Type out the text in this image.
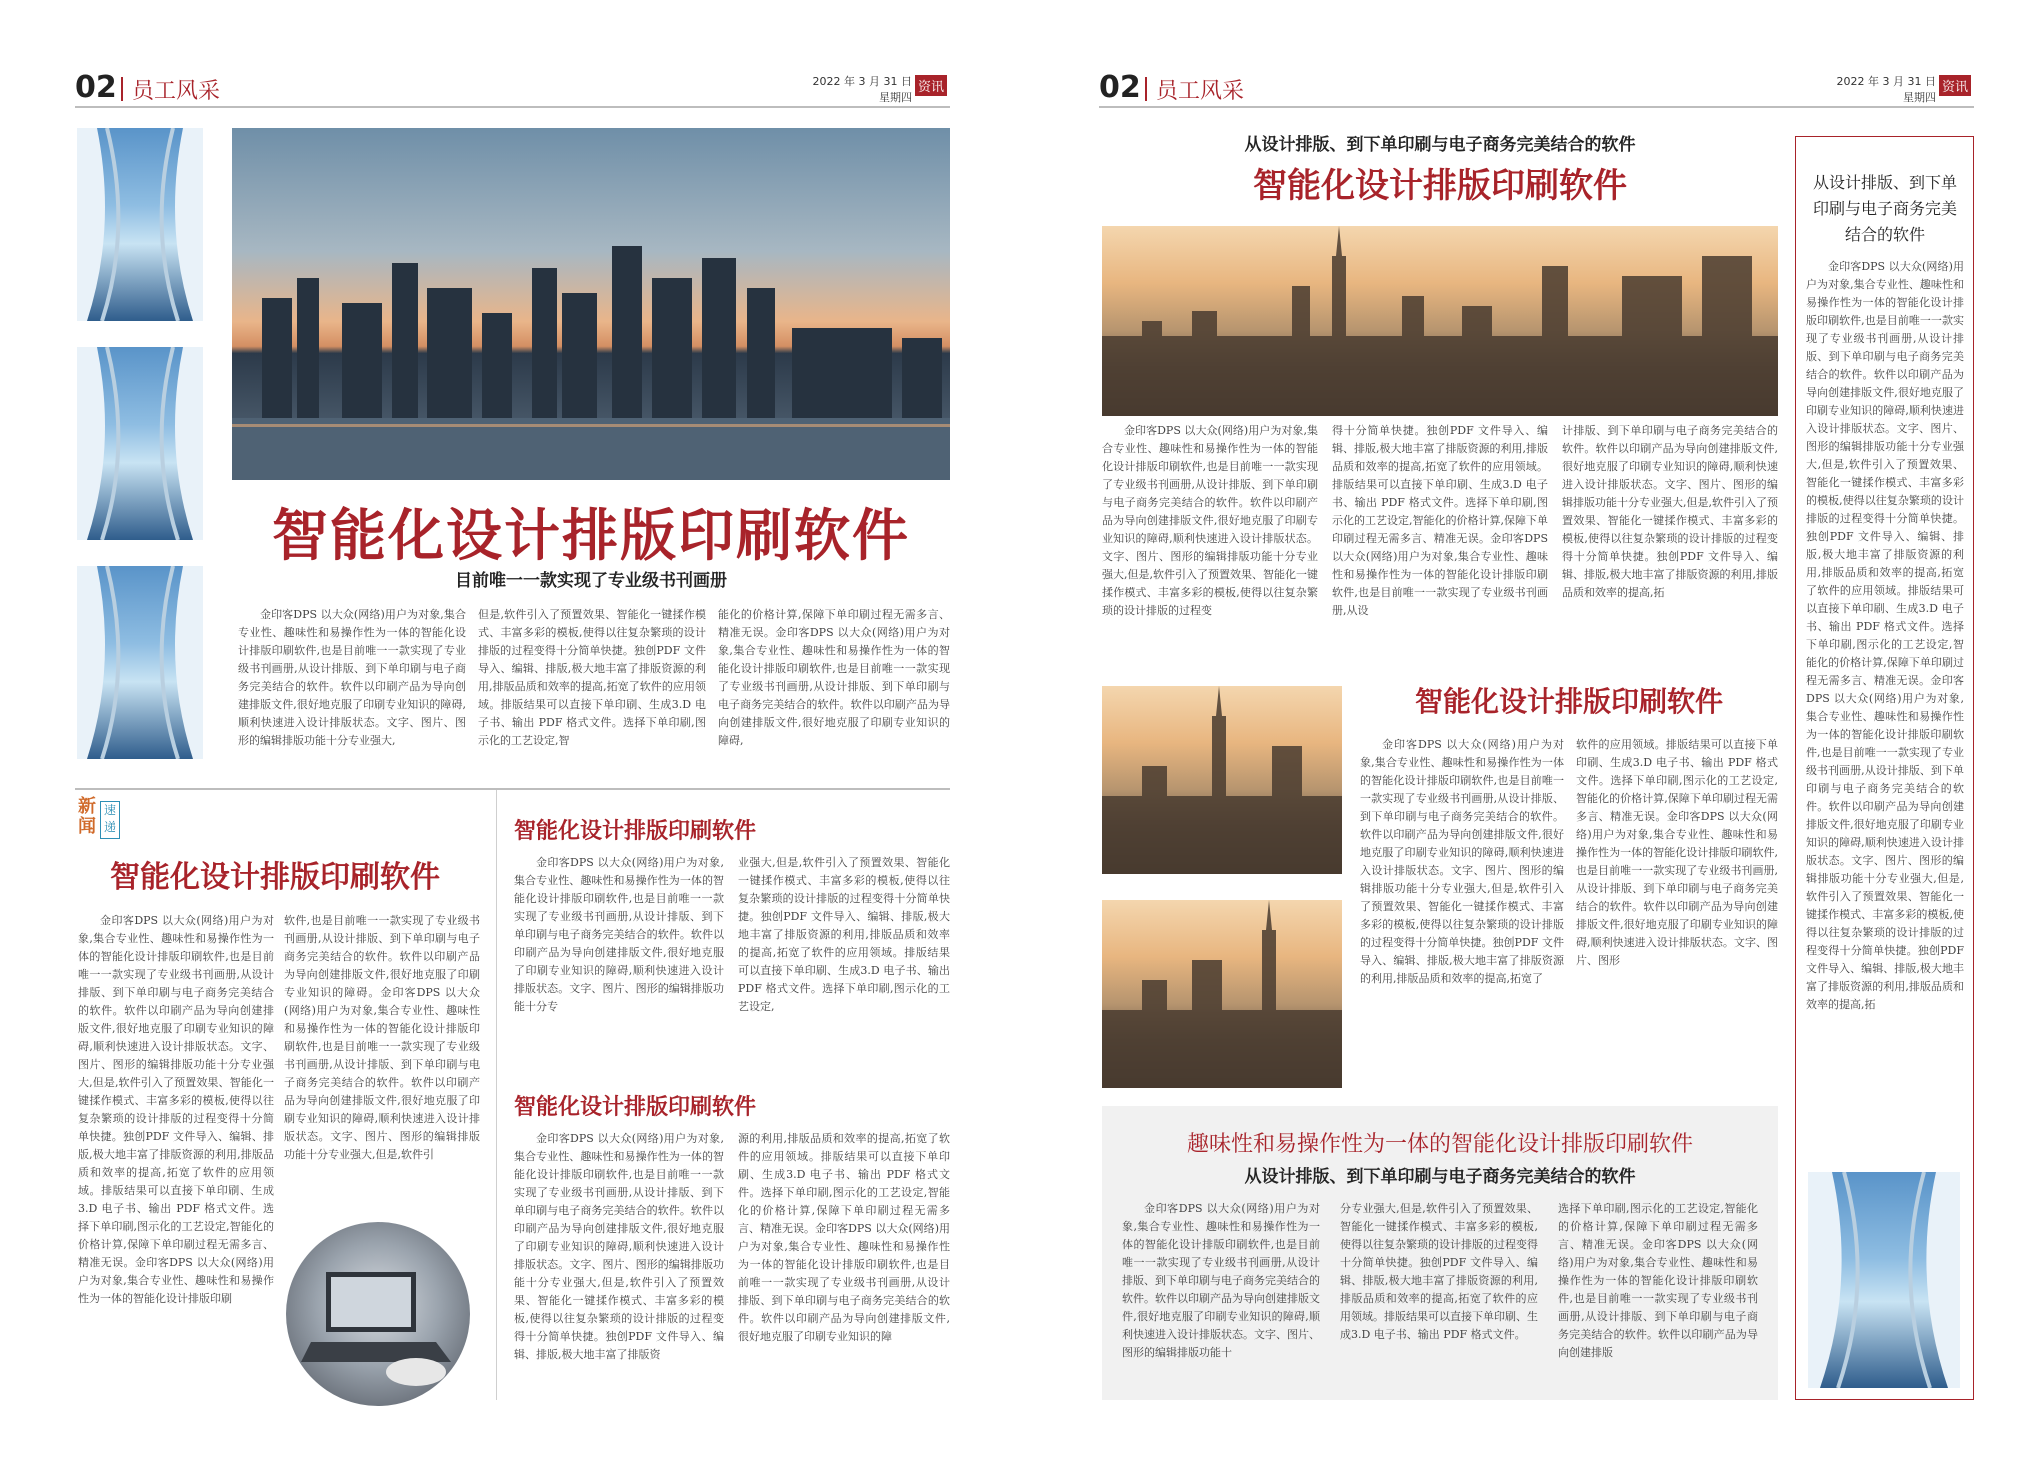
02 员工风采	2022 年 3 月 31 日
星期四
资讯
智能化设计排版印刷软件
目前唯一一款实现了专业级书刊画册
金印客DPS 以大众(网络)用户为对象,集合专业性、趣味性和易操作性为一体的智能化设计排版印刷软件,也是目前唯一一款实现了专业级书刊画册,从设计排版、到下单印刷与电子商务完美结合的软件。软件以印刷产品为导向创建排版文件,很好地克服了印刷专业知识的障碍,顺利快速进入设计排版状态。文字、图片、图形的编辑排版功能十分专业强大,
但是,软件引入了预置效果、智能化一键揉作模式、丰富多彩的模板,使得以往复杂繁琐的设计排版的过程变得十分简单快捷。独创PDF 文件导入、编辑、排版,极大地丰富了排版资源的利用,排版品质和效率的提高,拓宽了软件的应用领域。排版结果可以直接下单印刷、生成3.D 电子书、输出 PDF 格式文件。选择下单印刷,图示化的工艺设定,智
能化的价格计算,保障下单印刷过程无需多言、精准无误。金印客DPS 以大众(网络)用户为对象,集合专业性、趣味性和易操作性为一体的智能化设计排版印刷软件,也是目前唯一一款实现了专业级书刊画册,从设计排版、到下单印刷与电子商务完美结合的软件。软件以印刷产品为导向创建排版文件,很好地克服了印刷专业知识的障碍,
新
闻
速
递
智能化设计排版印刷软件
金印客DPS 以大众(网络)用户为对象,集合专业性、趣味性和易操作性为一体的智能化设计排版印刷软件,也是目前唯一一款实现了专业级书刊画册,从设计排版、到下单印刷与电子商务完美结合的软件。软件以印刷产品为导向创建排版文件,很好地克服了印刷专业知识的障碍,顺利快速进入设计排版状态。文字、图片、图形的编辑排版功能十分专业强大,但是,软件引入了预置效果、智能化一键揉作模式、丰富多彩的模板,使得以往复杂繁琐的设计排版的过程变得十分简单快捷。独创PDF 文件导入、编辑、排版,极大地丰富了排版资源的利用,排版品质和效率的提高,拓宽了软件的应用领域。排版结果可以直接下单印刷、生成3.D 电子书、输出 PDF 格式文件。选择下单印刷,图示化的工艺设定,智能化的价格计算,保障下单印刷过程无需多言、精准无误。金印客DPS 以大众(网络)用户为对象,集合专业性、趣味性和易操作性为一体的智能化设计排版印刷
软件,也是目前唯一一款实现了专业级书刊画册,从设计排版、到下单印刷与电子商务完美结合的软件。软件以印刷产品为导向创建排版文件,很好地克服了印刷专业知识的障碍。金印客DPS 以大众(网络)用户为对象,集合专业性、趣味性和易操作性为一体的智能化设计排版印刷软件,也是目前唯一一款实现了专业级书刊画册,从设计排版、到下单印刷与电子商务完美结合的软件。软件以印刷产品为导向创建排版文件,很好地克服了印刷专业知识的障碍,顺利快速进入设计排版状态。文字、图片、图形的编辑排版功能十分专业强大,但是,软件引
智能化设计排版印刷软件
金印客DPS 以大众(网络)用户为对象,集合专业性、趣味性和易操作性为一体的智能化设计排版印刷软件,也是目前唯一一款实现了专业级书刊画册,从设计排版、到下单印刷与电子商务完美结合的软件。软件以印刷产品为导向创建排版文件,很好地克服了印刷专业知识的障碍,顺利快速进入设计排版状态。文字、图片、图形的编辑排版功能十分专
业强大,但是,软件引入了预置效果、智能化一键揉作模式、丰富多彩的模板,使得以往复杂繁琐的设计排版的过程变得十分简单快捷。独创PDF 文件导入、编辑、排版,极大地丰富了排版资源的利用,排版品质和效率的提高,拓宽了软件的应用领域。排版结果可以直接下单印刷、生成3.D 电子书、输出 PDF 格式文件。选择下单印刷,图示化的工艺设定,
智能化设计排版印刷软件
金印客DPS 以大众(网络)用户为对象,集合专业性、趣味性和易操作性为一体的智能化设计排版印刷软件,也是目前唯一一款实现了专业级书刊画册,从设计排版、到下单印刷与电子商务完美结合的软件。软件以印刷产品为导向创建排版文件,很好地克服了印刷专业知识的障碍,顺利快速进入设计排版状态。文字、图片、图形的编辑排版功能十分专业强大,但是,软件引入了预置效果、智能化一键揉作模式、丰富多彩的模板,使得以往复杂繁琐的设计排版的过程变得十分简单快捷。独创PDF 文件导入、编辑、排版,极大地丰富了排版资
源的利用,排版品质和效率的提高,拓宽了软件的应用领域。排版结果可以直接下单印刷、生成3.D 电子书、输出 PDF 格式文件。选择下单印刷,图示化的工艺设定,智能化的价格计算,保障下单印刷过程无需多言、精准无误。金印客DPS 以大众(网络)用户为对象,集合专业性、趣味性和易操作性为一体的智能化设计排版印刷软件,也是目前唯一一款实现了专业级书刊画册,从设计排版、到下单印刷与电子商务完美结合的软件。软件以印刷产品为导向创建排版文件,很好地克服了印刷专业知识的障
02 员工风采	2022 年 3 月 31 日
星期四
资讯
从设计排版、到下单印刷与电子商务完美结合的软件
智能化设计排版印刷软件
金印客DPS 以大众(网络)用户为对象,集合专业性、趣味性和易操作性为一体的智能化设计排版印刷软件,也是目前唯一一款实现了专业级书刊画册,从设计排版、到下单印刷与电子商务完美结合的软件。软件以印刷产品为导向创建排版文件,很好地克服了印刷专业知识的障碍,顺利快速进入设计排版状态。文字、图片、图形的编辑排版功能十分专业强大,但是,软件引入了预置效果、智能化一键揉作模式、丰富多彩的模板,使得以往复杂繁琐的设计排版的过程变
得十分简单快捷。独创PDF 文件导入、编辑、排版,极大地丰富了排版资源的利用,排版品质和效率的提高,拓宽了软件的应用领域。排版结果可以直接下单印刷、生成3.D 电子书、输出 PDF 格式文件。选择下单印刷,图示化的工艺设定,智能化的价格计算,保障下单印刷过程无需多言、精准无误。金印客DPS 以大众(网络)用户为对象,集合专业性、趣味性和易操作性为一体的智能化设计排版印刷软件,也是目前唯一一款实现了专业级书刊画册,从设
计排版、到下单印刷与电子商务完美结合的软件。软件以印刷产品为导向创建排版文件,很好地克服了印刷专业知识的障碍,顺利快速进入设计排版状态。文字、图片、图形的编辑排版功能十分专业强大,但是,软件引入了预置效果、智能化一键揉作模式、丰富多彩的模板,使得以往复杂繁琐的设计排版的过程变得十分简单快捷。独创PDF 文件导入、编辑、排版,极大地丰富了排版资源的利用,排版品质和效率的提高,拓
智能化设计排版印刷软件
金印客DPS 以大众(网络)用户为对象,集合专业性、趣味性和易操作性为一体的智能化设计排版印刷软件,也是目前唯一一款实现了专业级书刊画册,从设计排版、到下单印刷与电子商务完美结合的软件。软件以印刷产品为导向创建排版文件,很好地克服了印刷专业知识的障碍,顺利快速进入设计排版状态。文字、图片、图形的编辑排版功能十分专业强大,但是,软件引入了预置效果、智能化一键揉作模式、丰富多彩的模板,使得以往复杂繁琐的设计排版的过程变得十分简单快捷。独创PDF 文件导入、编辑、排版,极大地丰富了排版资源的利用,排版品质和效率的提高,拓宽了
软件的应用领域。排版结果可以直接下单印刷、生成3.D 电子书、输出 PDF 格式文件。选择下单印刷,图示化的工艺设定,智能化的价格计算,保障下单印刷过程无需多言、精准无误。金印客DPS 以大众(网络)用户为对象,集合专业性、趣味性和易操作性为一体的智能化设计排版印刷软件,也是目前唯一一款实现了专业级书刊画册,从设计排版、到下单印刷与电子商务完美结合的软件。软件以印刷产品为导向创建排版文件,很好地克服了印刷专业知识的障碍,顺利快速进入设计排版状态。文字、图片、图形
趣味性和易操作性为一体的智能化设计排版印刷软件
从设计排版、到下单印刷与电子商务完美结合的软件
金印客DPS 以大众(网络)用户为对象,集合专业性、趣味性和易操作性为一体的智能化设计排版印刷软件,也是目前唯一一款实现了专业级书刊画册,从设计排版、到下单印刷与电子商务完美结合的软件。软件以印刷产品为导向创建排版文件,很好地克服了印刷专业知识的障碍,顺利快速进入设计排版状态。文字、图片、图形的编辑排版功能十
分专业强大,但是,软件引入了预置效果、智能化一键揉作模式、丰富多彩的模板,使得以往复杂繁琐的设计排版的过程变得十分简单快捷。独创PDF 文件导入、编辑、排版,极大地丰富了排版资源的利用,排版品质和效率的提高,拓宽了软件的应用领域。排版结果可以直接下单印刷、生成3.D 电子书、输出 PDF 格式文件。
选择下单印刷,图示化的工艺设定,智能化的价格计算,保障下单印刷过程无需多言、精准无误。金印客DPS 以大众(网络)用户为对象,集合专业性、趣味性和易操作性为一体的智能化设计排版印刷软件,也是目前唯一一款实现了专业级书刊画册,从设计排版、到下单印刷与电子商务完美结合的软件。软件以印刷产品为导向创建排版
从设计排版、到下单印刷与电子商务完美结合的软件
金印客DPS 以大众(网络)用户为对象,集合专业性、趣味性和易操作性为一体的智能化设计排版印刷软件,也是目前唯一一款实现了专业级书刊画册,从设计排版、到下单印刷与电子商务完美结合的软件。软件以印刷产品为导向创建排版文件,很好地克服了印刷专业知识的障碍,顺利快速进入设计排版状态。文字、图片、图形的编辑排版功能十分专业强大,但是,软件引入了预置效果、智能化一键揉作模式、丰富多彩的模板,使得以往复杂繁琐的设计排版的过程变得十分简单快捷。独创PDF 文件导入、编辑、排版,极大地丰富了排版资源的利用,排版品质和效率的提高,拓宽了软件的应用领域。排版结果可以直接下单印刷、生成3.D 电子书、输出 PDF 格式文件。选择下单印刷,图示化的工艺设定,智能化的价格计算,保障下单印刷过程无需多言、精准无误。金印客DPS 以大众(网络)用户为对象,集合专业性、趣味性和易操作性为一体的智能化设计排版印刷软件,也是目前唯一一款实现了专业级书刊画册,从设计排版、到下单印刷与电子商务完美结合的软件。软件以印刷产品为导向创建排版文件,很好地克服了印刷专业知识的障碍,顺利快速进入设计排版状态。文字、图片、图形的编辑排版功能十分专业强大,但是,软件引入了预置效果、智能化一键揉作模式、丰富多彩的模板,使得以往复杂繁琐的设计排版的过程变得十分简单快捷。独创PDF 文件导入、编辑、排版,极大地丰富了排版资源的利用,排版品质和效率的提高,拓
